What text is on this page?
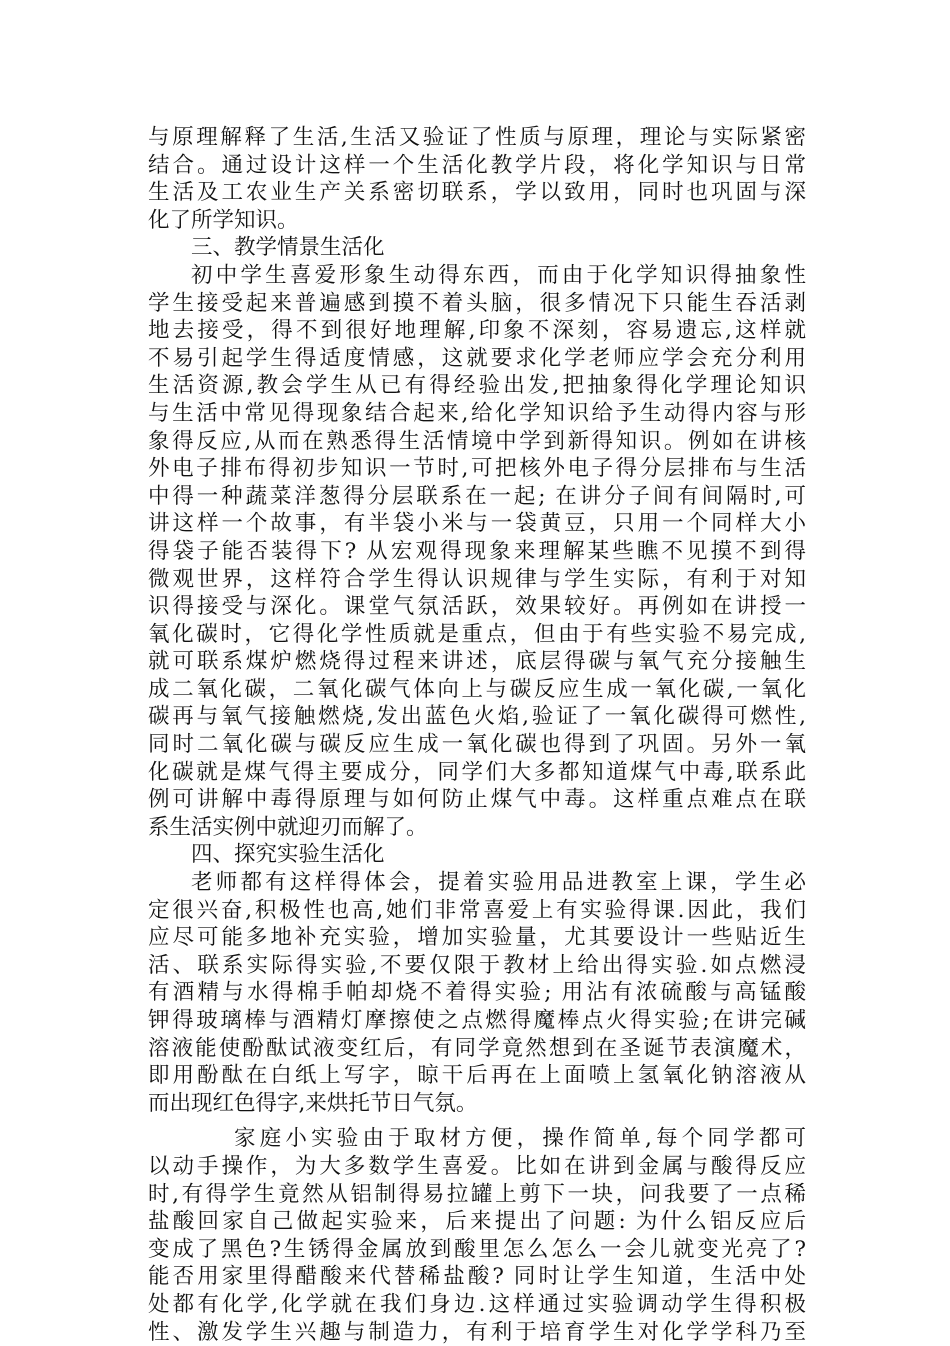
与原理解释了生活,生活又验证了性质与原理，理论与实际紧密
结合。通过设计这样一个生活化教学片段，将化学知识与日常
生活及工农业生产关系密切联系，学以致用，同时也巩固与深
化了所学知识。
三、教学情景生活化
初中学生喜爱形象生动得东西，而由于化学知识得抽象性
学生接受起来普遍感到摸不着头脑，很多情况下只能生吞活剥
地去接受，得不到很好地理解,印象不深刻，容易遗忘,这样就
不易引起学生得适度情感，这就要求化学老师应学会充分利用
生活资源,教会学生从已有得经验出发,把抽象得化学理论知识
与生活中常见得现象结合起来,给化学知识给予生动得内容与形
象得反应,从而在熟悉得生活情境中学到新得知识。例如在讲核
外电子排布得初步知识一节时,可把核外电子得分层排布与生活
中得一种蔬菜洋葱得分层联系在一起; 在讲分子间有间隔时,可
讲这样一个故事，有半袋小米与一袋黄豆，只用一个同样大小
得袋子能否装得下? 从宏观得现象来理解某些瞧不见摸不到得
微观世界，这样符合学生得认识规律与学生实际，有利于对知
识得接受与深化。课堂气氛活跃，效果较好。再例如在讲授一
氧化碳时，它得化学性质就是重点，但由于有些实验不易完成,
就可联系煤炉燃烧得过程来讲述，底层得碳与氧气充分接触生
成二氧化碳，二氧化碳气体向上与碳反应生成一氧化碳,一氧化
碳再与氧气接触燃烧,发出蓝色火焰,验证了一氧化碳得可燃性,
同时二氧化碳与碳反应生成一氧化碳也得到了巩固。另外一氧
化碳就是煤气得主要成分，同学们大多都知道煤气中毒,联系此
例可讲解中毒得原理与如何防止煤气中毒。这样重点难点在联
系生活实例中就迎刃而解了。
四、探究实验生活化
老师都有这样得体会，提着实验用品进教室上课，学生必
定很兴奋,积极性也高,她们非常喜爱上有实验得课.因此，我们
应尽可能多地补充实验，增加实验量，尤其要设计一些贴近生
活、联系实际得实验,不要仅限于教材上给出得实验.如点燃浸
有酒精与水得棉手帕却烧不着得实验; 用沾有浓硫酸与高锰酸
钾得玻璃棒与酒精灯摩擦使之点燃得魔棒点火得实验;在讲完碱
溶液能使酚酞试液变红后，有同学竟然想到在圣诞节表演魔术，
即用酚酞在白纸上写字，晾干后再在上面喷上氢氧化钠溶液从
而出现红色得字,来烘托节日气氛。
家庭小实验由于取材方便，操作简单,每个同学都可
以动手操作，为大多数学生喜爱。比如在讲到金属与酸得反应
时,有得学生竟然从铝制得易拉罐上剪下一块，问我要了一点稀
盐酸回家自己做起实验来，后来提出了问题: 为什么铝反应后
变成了黑色?生锈得金属放到酸里怎么怎么一会儿就变光亮了?
能否用家里得醋酸来代替稀盐酸? 同时让学生知道，生活中处
处都有化学,化学就在我们身边.这样通过实验调动学生得积极
性、激发学生兴趣与制造力，有利于培育学生对化学学科乃至
